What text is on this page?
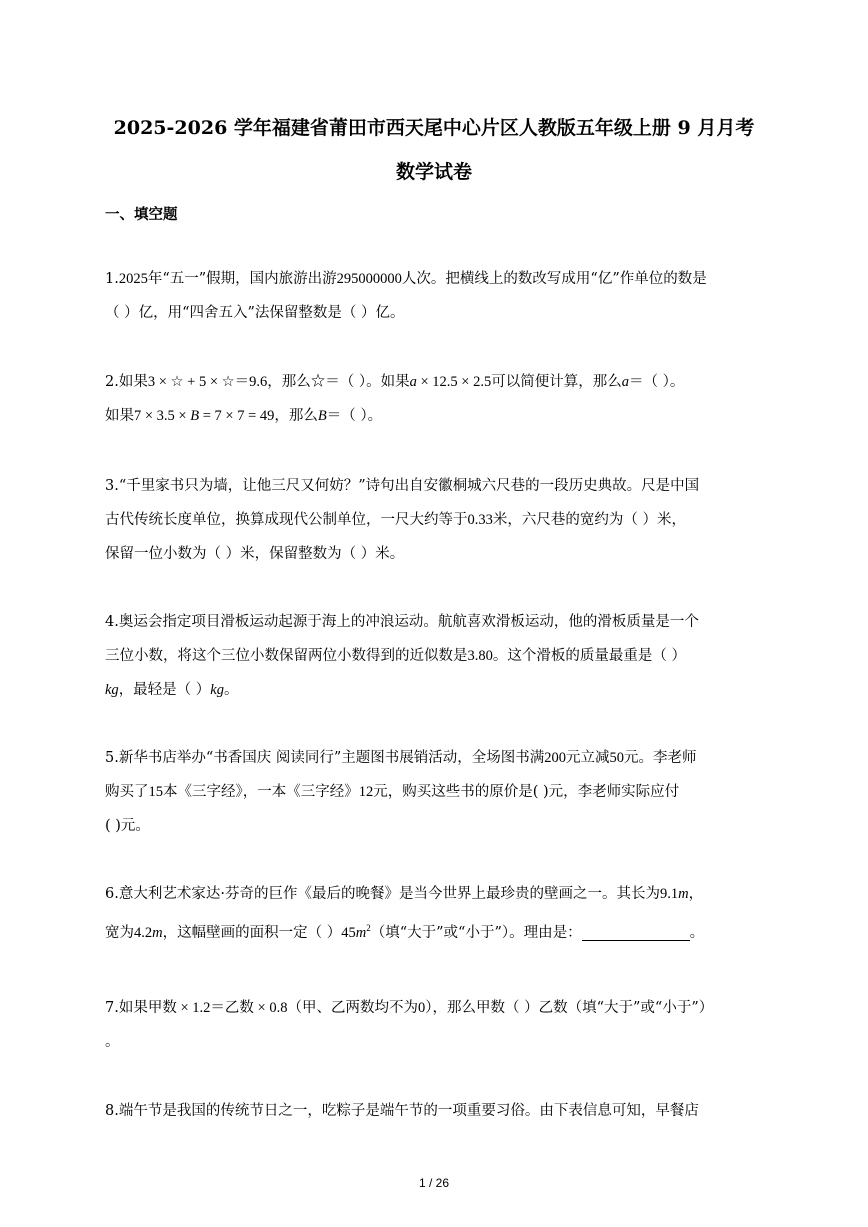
2025-2026 学年福建省莆田市西天尾中心片区人教版五年级上册 9 月月考
数学试卷
一、填空题
1.2025年“五一”假期，国内旅游出游295000000人次。把横线上的数改写成用“亿”作单位的数是
（ ）亿，用“四舍五入”法保留整数是（ ）亿。
2.如果3 × ☆ + 5 × ☆＝9.6，那么☆＝（ ）。如果a × 12.5 × 2.5可以简便计算，那么a＝（ ）。
如果7 × 3.5 × B = 7 × 7 = 49，那么B＝（ ）。
3.“千里家书只为墙，让他三尺又何妨？”诗句出自安徽桐城六尺巷的一段历史典故。尺是中国
古代传统长度单位，换算成现代公制单位，一尺大约等于0.33米，六尺巷的宽约为（ ）米，
保留一位小数为（ ）米，保留整数为（ ）米。
4.奥运会指定项目滑板运动起源于海上的冲浪运动。航航喜欢滑板运动，他的滑板质量是一个
三位小数，将这个三位小数保留两位小数得到的近似数是3.80。这个滑板的质量最重是（ ）
kg，最轻是（ ）kg。
5.新华书店举办“书香国庆 阅读同行”主题图书展销活动，全场图书满200元立减50元。李老师
购买了15本《三字经》，一本《三字经》12元，购买这些书的原价是( )元，李老师实际应付
( )元。
6.意大利艺术家达·芬奇的巨作《最后的晚餐》是当今世界上最珍贵的壁画之一。其长为9.1m，
宽为4.2m，这幅壁画的面积一定（ ）$45m^2$（填“大于”或“小于”）。理由是：	。
7.如果甲数 × 1.2＝乙数 × 0.8（甲、乙两数均不为0），那么甲数（ ）乙数（填“大于”或“小于”）
。
8.端午节是我国的传统节日之一，吃粽子是端午节的一项重要习俗。由下表信息可知，早餐店
1 / 26
